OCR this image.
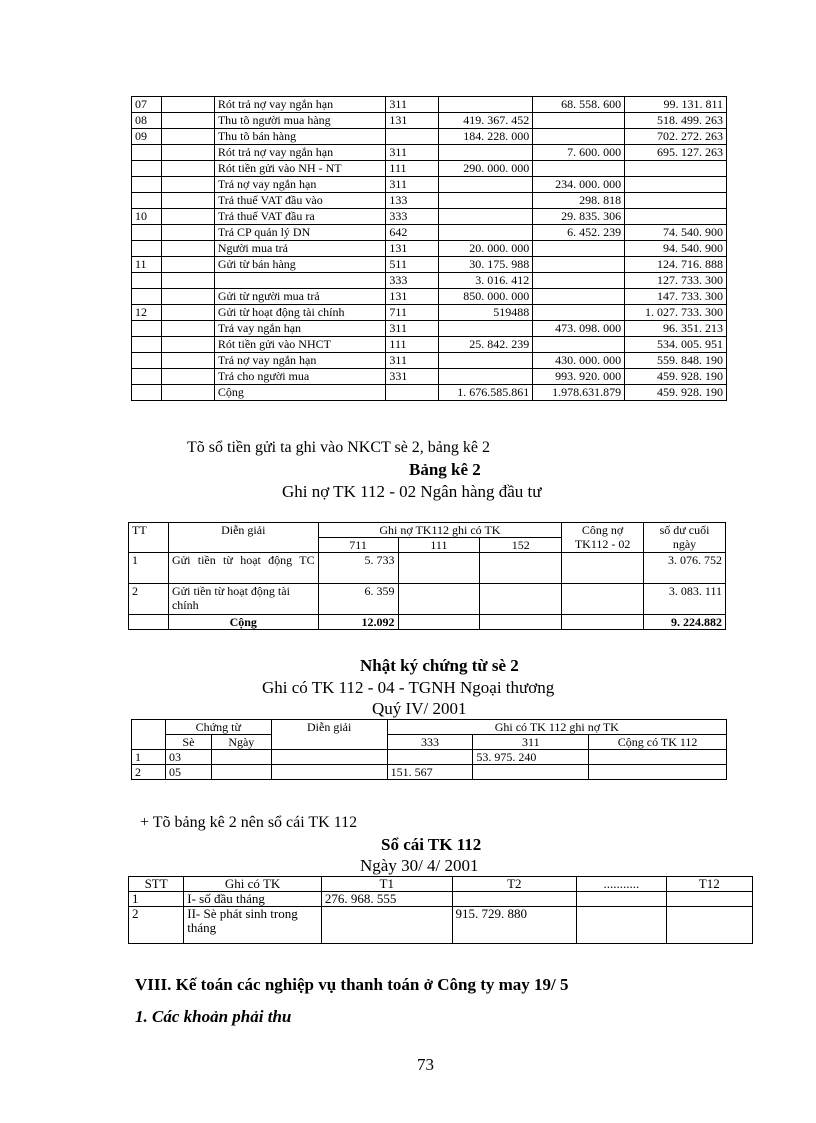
07		Rót trả nợ vay ngắn hạn	311		68. 558. 600	99. 131. 811
08		Thu tõ người mua hàng	131	419. 367. 452		518. 499. 263
09		Thu tõ bán hàng		184. 228. 000		702. 272. 263
		Rót trả nợ vay ngắn hạn	311		7. 600. 000	695. 127. 263
		Rót tiền gửi vào NH - NT	111	290. 000. 000		
		Trả nợ vay ngắn hạn	311		234. 000. 000	
		Trả thuế VAT đầu vào	133		298. 818	
10		Trả thuế VAT đầu ra	333		29. 835. 306	
		Trả CP quản lý DN	642		6. 452. 239	74. 540. 900
		Người mua trả	131	20. 000. 000		94. 540. 900
11		Gửi từ bán hàng	511	30. 175. 988		124. 716. 888
			333	3. 016. 412		127. 733. 300
		Gửi từ người mua trả	131	850. 000. 000		147. 733. 300
12		Gửi từ hoạt động tài chính	711	519488		1. 027. 733. 300
		Trả vay ngắn hạn	311		473. 098. 000	96. 351. 213
		Rót tiền gửi vào NHCT	111	25. 842. 239		534. 005. 951
		Trả nợ vay ngắn hạn	311		430. 000. 000	559. 848. 190
		Trả cho người mua	331		993. 920. 000	459. 928. 190
		Cộng		1. 676.585.861	1.978.631.879	459. 928. 190
Tõ sổ tiền gửi ta ghi vào NKCT sè 2, bảng kê 2
Bảng kê 2
Ghi nợ TK 112 - 02 Ngân hàng đầu tư
TT	Diễn giải	Ghi nợ TK112 ghi có TK			Công nợ TK112 - 02	số dư cuối ngày
		711	111	152		
1	Gửi tiền từ hoạt động TC	5. 733				3. 076. 752
2	Gửi tiền từ hoạt động tài chính	6. 359				3. 083. 111
	Cộng	12.092				9. 224.882
Nhật ký chứng từ sè 2
Ghi có TK 112 - 04 - TGNH Ngoại thương
Quý IV/ 2001
	Chứng từ		Diễn giải	Ghi có TK 112 ghi nợ TK		
	Sè	Ngày		333	311	Cộng có TK 112
1	03				53. 975. 240	
2	05			151. 567		
+ Tõ bảng kê 2 nên sổ cái TK 112
Sổ cái TK 112
Ngày 30/ 4/ 2001
STT	Ghi có TK	T1	T2	...........	T12
1	I- số đầu tháng	276. 968. 555			
2	II- Sè phát sinh trong tháng		915. 729. 880		
VIII. Kế toán các nghiệp vụ thanh toán ở Công ty may 19/ 5
1. Các khoản phải thu
73
